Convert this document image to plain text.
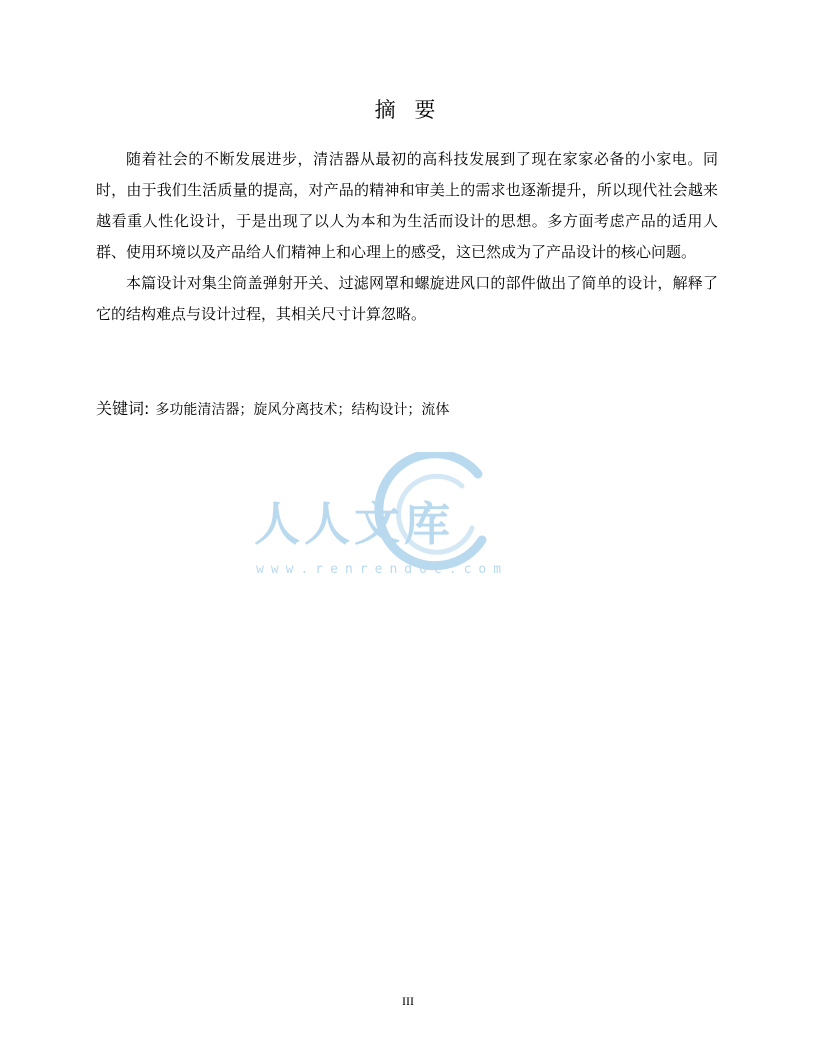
摘 要

随着社会的不断发展进步，清洁器从最初的高科技发展到了现在家家必备的小家电。同时，由于我们生活质量的提高，对产品的精神和审美上的需求也逐渐提升，所以现代社会越来越看重人性化设计，于是出现了以人为本和为生活而设计的思想。多方面考虑产品的适用人群、使用环境以及产品给人们精神上和心理上的感受，这已然成为了产品设计的核心问题。

本篇设计对集尘筒盖弹射开关、过滤网罩和螺旋进风口的部件做出了简单的设计，解释了它的结构难点与设计过程，其相关尺寸计算忽略。

关键词: 多功能清洁器；旋风分离技术；结构设计；流体
人人文库
www.renrendoc.com
III
